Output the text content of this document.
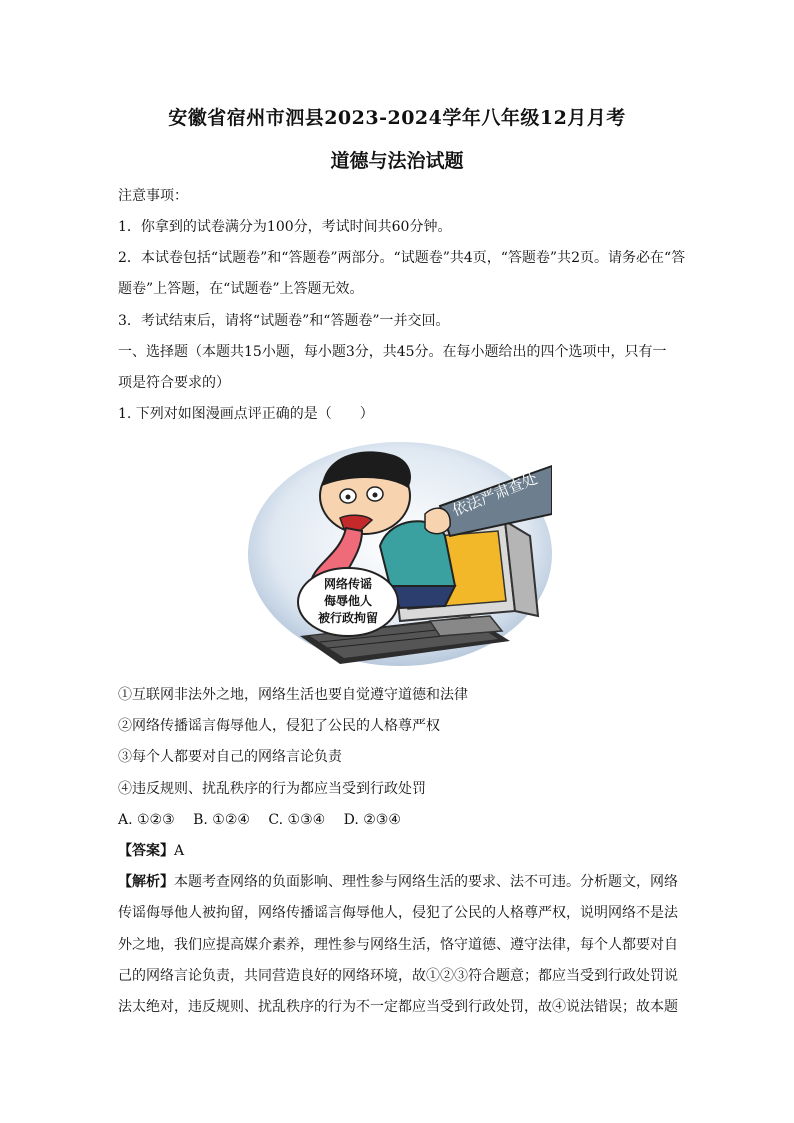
安徽省宿州市泗县2023-2024学年八年级12月月考
道德与法治试题
注意事项：
1．你拿到的试卷满分为100分，考试时间共60分钟。
2．本试卷包括“试题卷”和“答题卷”两部分。“试题卷”共4页，“答题卷”共2页。请务必在“答
题卷”上答题，在“试题卷”上答题无效。
3．考试结束后，请将“试题卷”和“答题卷”一并交回。
一、选择题（本题共15小题，每小题3分，共45分。在每小题给出的四个选项中，只有一
项是符合要求的）
1. 下列对如图漫画点评正确的是（　　）
依法严肃查处
网络传谣
侮辱他人
被行政拘留
①互联网非法外之地，网络生活也要自觉遵守道德和法律
②网络传播谣言侮辱他人，侵犯了公民的人格尊严权
③每个人都要对自己的网络言论负责
④违反规则、扰乱秩序的行为都应当受到行政处罚
A. ①②③　 B. ①②④　 C. ①③④　 D. ②③④
【答案】A
【解析】本题考查网络的负面影响、理性参与网络生活的要求、法不可违。分析题文，网络
传谣侮辱他人被拘留，网络传播谣言侮辱他人，侵犯了公民的人格尊严权，说明网络不是法
外之地，我们应提高媒介素养，理性参与网络生活，恪守道德、遵守法律，每个人都要对自
己的网络言论负责，共同营造良好的网络环境，故①②③符合题意；都应当受到行政处罚说
法太绝对，违反规则、扰乱秩序的行为不一定都应当受到行政处罚，故④说法错误；故本题
